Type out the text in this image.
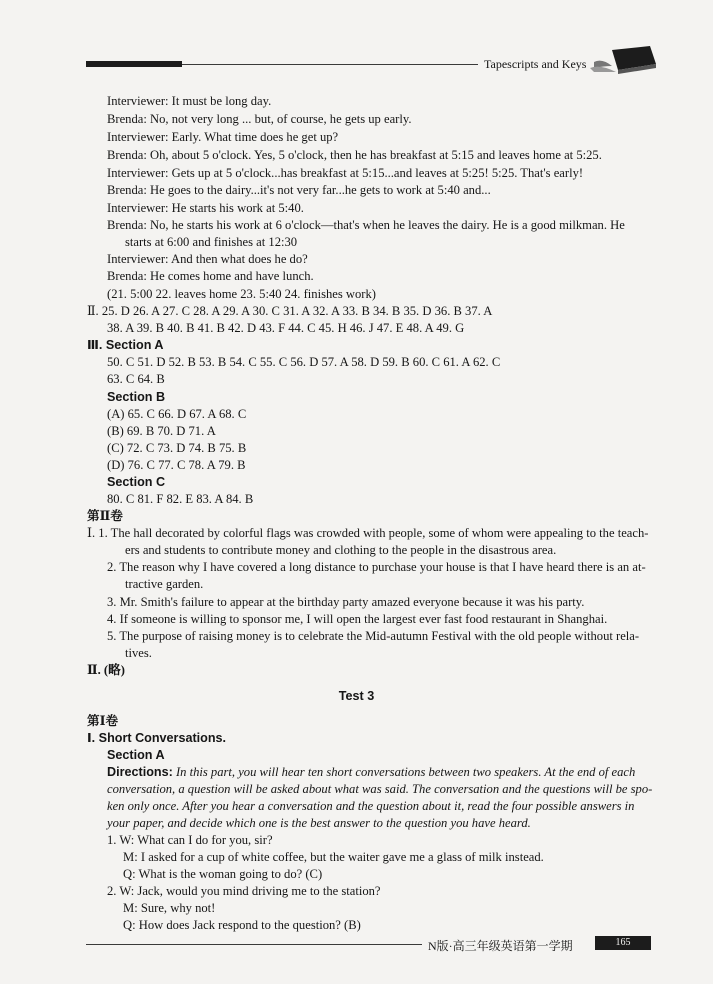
Tapescripts and Keys
Interviewer: It must be long day.
Brenda: No, not very long ... but, of course, he gets up early.
Interviewer: Early. What time does he get up?
Brenda: Oh, about 5 o'clock. Yes, 5 o'clock, then he has breakfast at 5:15 and leaves home at 5:25.
Interviewer: Gets up at 5 o'clock...has breakfast at 5:15...and leaves at 5:25! 5:25. That's early!
Brenda: He goes to the dairy...it's not very far...he gets to work at 5:40 and...
Interviewer: He starts his work at 5:40.
Brenda: No, he starts his work at 6 o'clock—that's when he leaves the dairy. He is a good milkman. He
starts at 6:00 and finishes at 12:30
Interviewer: And then what does he do?
Brenda: He comes home and have lunch.
(21. 5:00 22. leaves home 23. 5:40 24. finishes work)
Ⅱ. 25. D 26. A 27. C 28. A 29. A 30. C 31. A 32. A 33. B 34. B 35. D 36. B 37. A
38. A 39. B 40. B 41. B 42. D 43. F 44. C 45. H 46. J 47. E 48. A 49. G
Ⅲ. Section A
50. C 51. D 52. B 53. B 54. C 55. C 56. D 57. A 58. D 59. B 60. C 61. A 62. C
63. C 64. B
Section B
(A) 65. C 66. D 67. A 68. C
(B) 69. B 70. D 71. A
(C) 72. C 73. D 74. B 75. B
(D) 76. C 77. C 78. A 79. B
Section C
80. C 81. F 82. E 83. A 84. B
第Ⅱ卷
Ⅰ. 1. The hall decorated by colorful flags was crowded with people, some of whom were appealing to the teach-
ers and students to contribute money and clothing to the people in the disastrous area.
2. The reason why I have covered a long distance to purchase your house is that I have heard there is an at-
tractive garden.
3. Mr. Smith's failure to appear at the birthday party amazed everyone because it was his party.
4. If someone is willing to sponsor me, I will open the largest ever fast food restaurant in Shanghai.
5. The purpose of raising money is to celebrate the Mid-autumn Festival with the old people without rela-
tives.
Ⅱ. (略)
Test 3
第Ⅰ卷
Ⅰ. Short Conversations.
Section A
Directions: In this part, you will hear ten short conversations between two speakers. At the end of each
conversation, a question will be asked about what was said. The conversation and the questions will be spo-
ken only once. After you hear a conversation and the question about it, read the four possible answers in
your paper, and decide which one is the best answer to the question you have heard.
1. W: What can I do for you, sir?
M: I asked for a cup of white coffee, but the waiter gave me a glass of milk instead.
Q: What is the woman going to do? (C)
2. W: Jack, would you mind driving me to the station?
M: Sure, why not!
Q: How does Jack respond to the question? (B)
N版·高三年级英语第一学期	165
